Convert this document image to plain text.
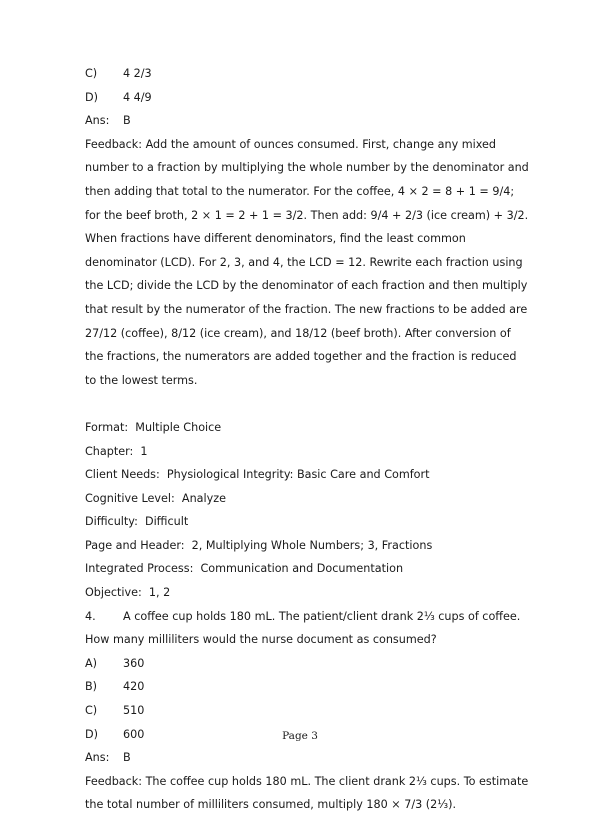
C) 4 2/3
D) 4 4/9
Ans: B

Feedback: Add the amount of ounces consumed. First, change any mixed number to a fraction by multiplying the whole number by the denominator and then adding that total to the numerator. For the coffee, 4 × 2 = 8 + 1 = 9/4; for the beef broth, 2 × 1 = 2 + 1 = 3/2. Then add: 9/4 + 2/3 (ice cream) + 3/2. When fractions have different denominators, find the least common denominator (LCD). For 2, 3, and 4, the LCD = 12. Rewrite each fraction using the LCD; divide the LCD by the denominator of each fraction and then multiply that result by the numerator of the fraction. The new fractions to be added are 27/12 (coffee), 8/12 (ice cream), and 18/12 (beef broth). After conversion of the fractions, the numerators are added together and the fraction is reduced to the lowest terms.

Format:  Multiple Choice
Chapter:  1
Client Needs:  Physiological Integrity: Basic Care and Comfort
Cognitive Level:  Analyze
Difficulty:  Difficult
Page and Header:  2, Multiplying Whole Numbers; 3, Fractions
Integrated Process:  Communication and Documentation
Objective:  1, 2

4. A coffee cup holds 180 mL. The patient/client drank 2⅓ cups of coffee. How many milliliters would the nurse document as consumed?

A) 360
B) 420
C) 510
D) 600
Ans: B

Feedback: The coffee cup holds 180 mL. The client drank 2⅓ cups. To estimate the total number of milliliters consumed, multiply 180 × 7/3 (2⅓).

Page 3
